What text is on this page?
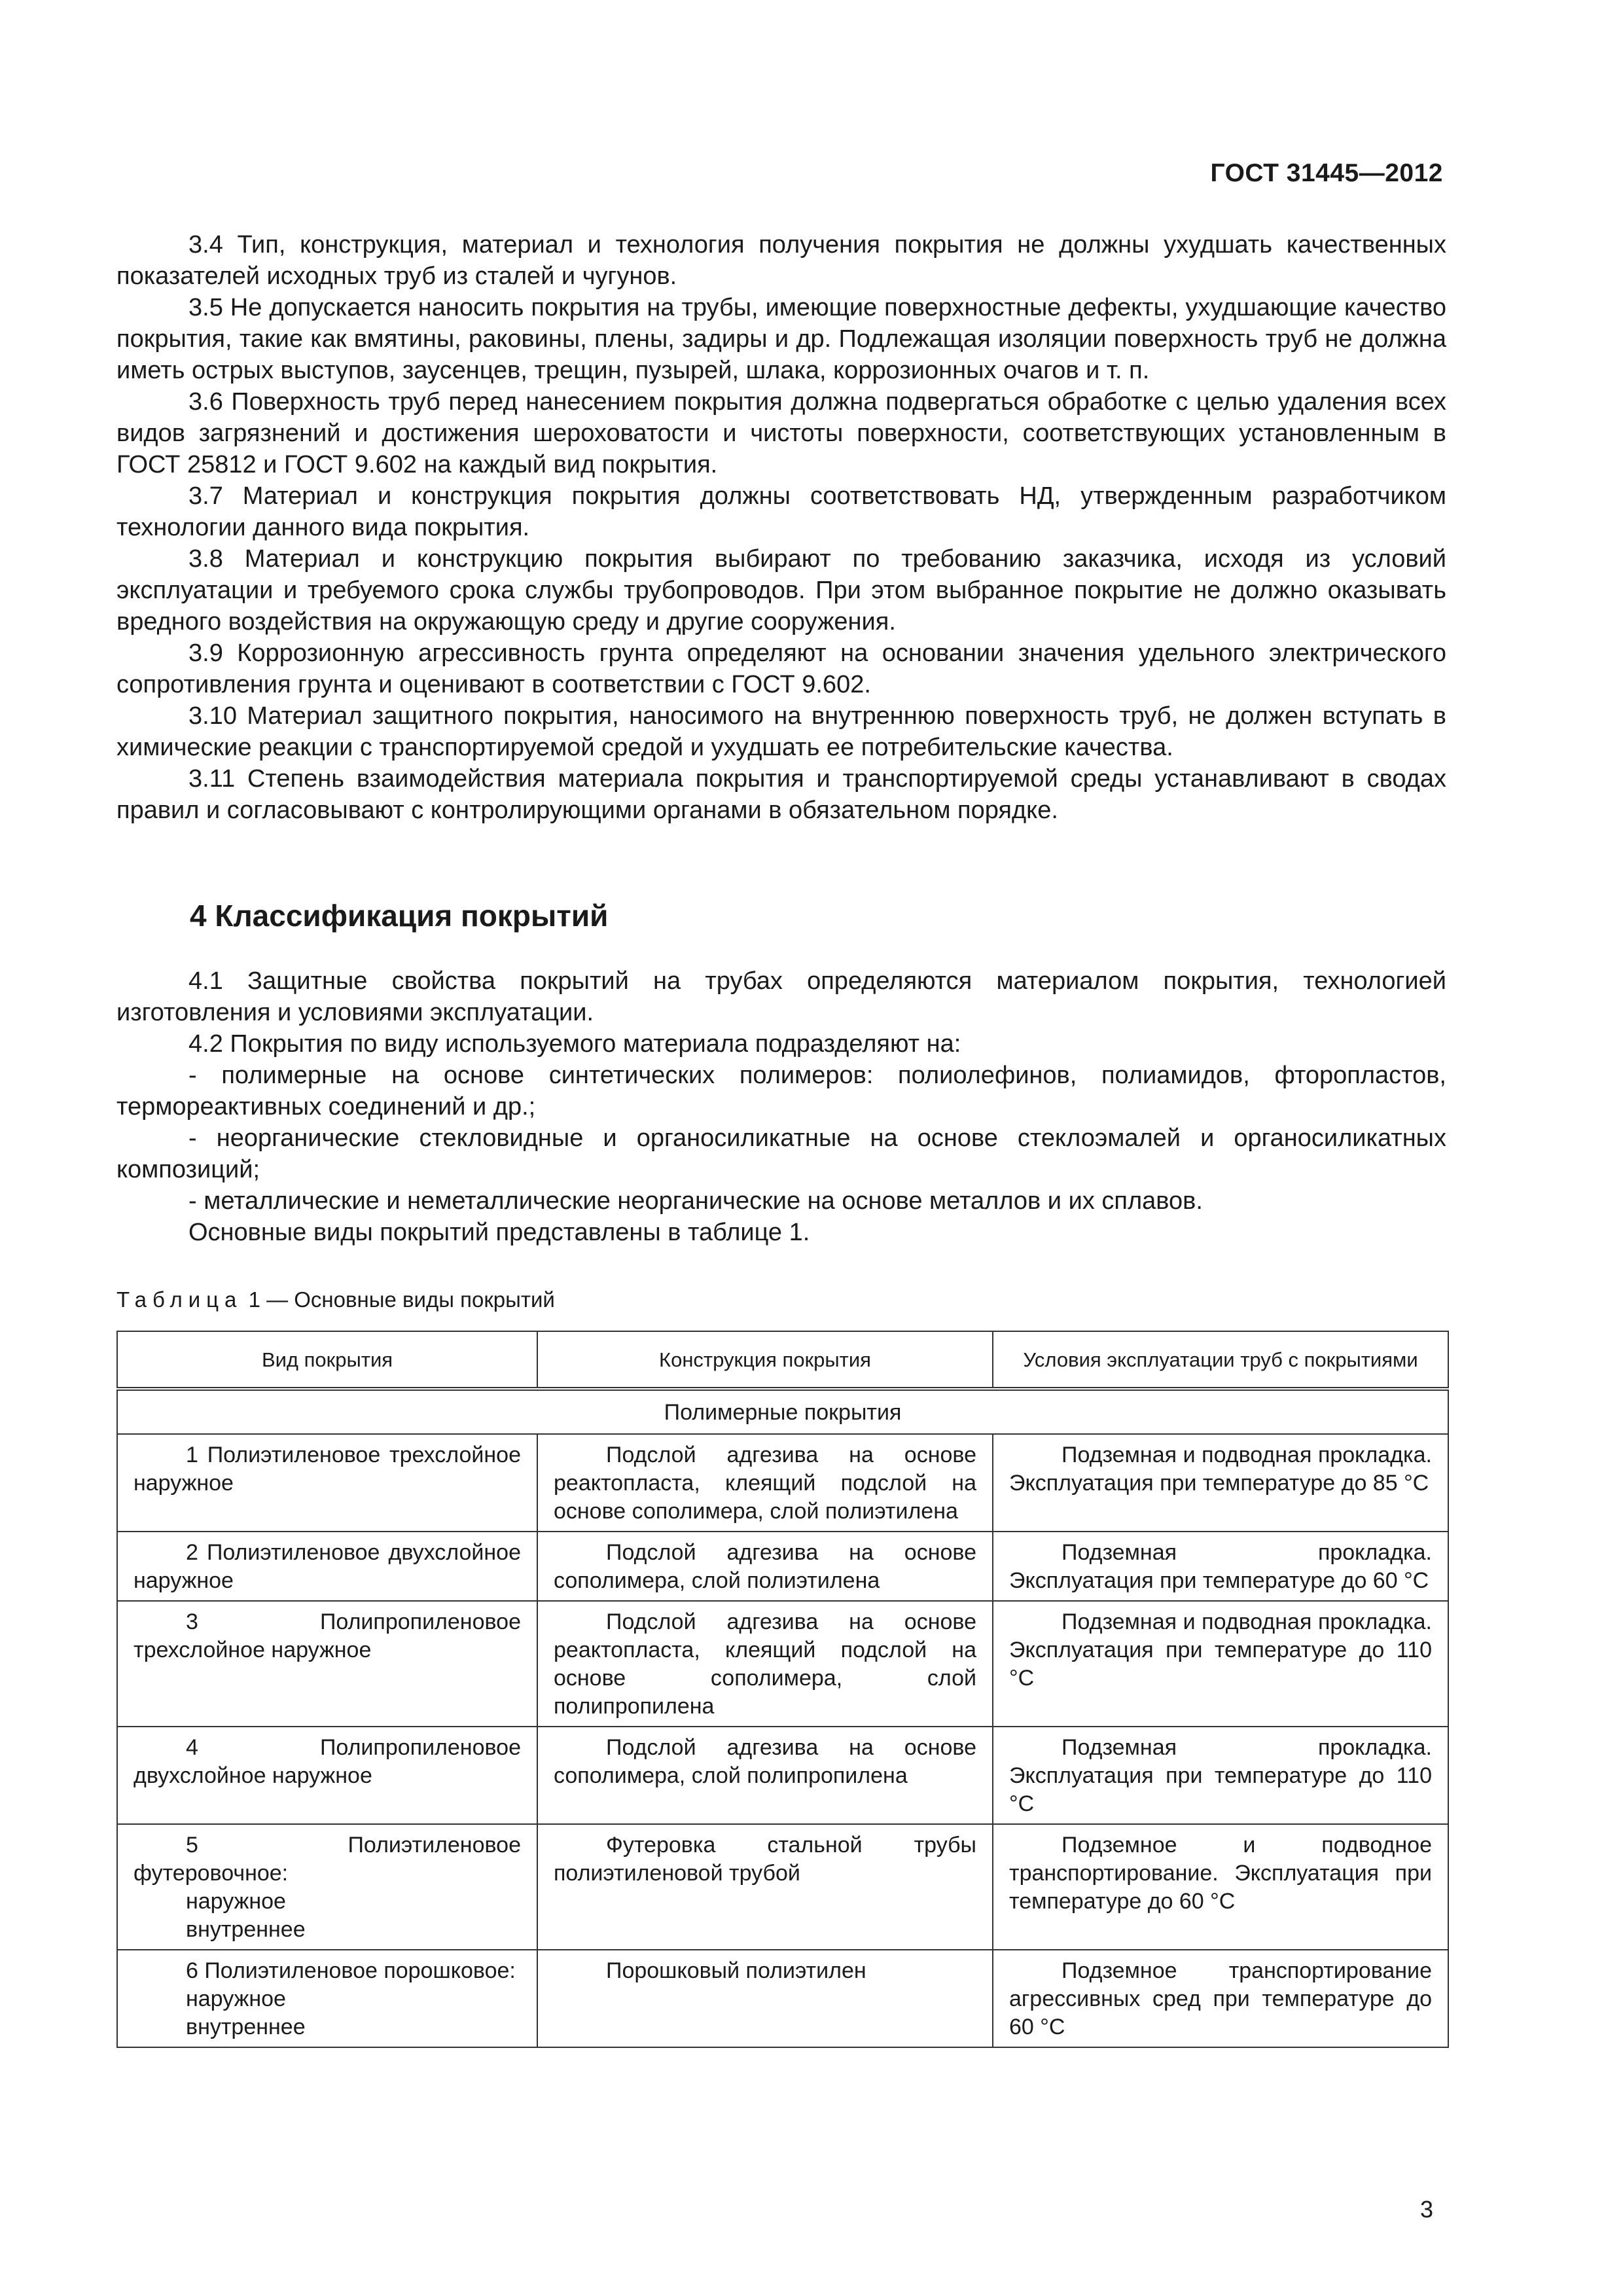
ГОСТ 31445—2012

3.4 Тип, конструкция, материал и технология получения покрытия не должны ухудшать качественных показателей исходных труб из сталей и чугунов.

3.5 Не допускается наносить покрытия на трубы, имеющие поверхностные дефекты, ухудшающие качество покрытия, такие как вмятины, раковины, плены, задиры и др. Подлежащая изоляции поверхность труб не должна иметь острых выступов, заусенцев, трещин, пузырей, шлака, коррозионных очагов и т. п.

3.6 Поверхность труб перед нанесением покрытия должна подвергаться обработке с целью удаления всех видов загрязнений и достижения шероховатости и чистоты поверхности, соответствующих установленным в ГОСТ 25812 и ГОСТ 9.602 на каждый вид покрытия.

3.7 Материал и конструкция покрытия должны соответствовать НД, утвержденным разработчиком технологии данного вида покрытия.

3.8 Материал и конструкцию покрытия выбирают по требованию заказчика, исходя из условий эксплуатации и требуемого срока службы трубопроводов. При этом выбранное покрытие не должно оказывать вредного воздействия на окружающую среду и другие сооружения.

3.9 Коррозионную агрессивность грунта определяют на основании значения удельного электрического сопротивления грунта и оценивают в соответствии с ГОСТ 9.602.

3.10 Материал защитного покрытия, наносимого на внутреннюю поверхность труб, не должен вступать в химические реакции с транспортируемой средой и ухудшать ее потребительские качества.

3.11 Степень взаимодействия материала покрытия и транспортируемой среды устанавливают в сводах правил и согласовывают с контролирующими органами в обязательном порядке.

4 Классификация покрытий

4.1 Защитные свойства покрытий на трубах определяются материалом покрытия, технологией изготовления и условиями эксплуатации.

4.2 Покрытия по виду используемого материала подразделяют на:

- полимерные на основе синтетических полимеров: полиолефинов, полиамидов, фторопластов, термореактивных соединений и др.;

- неорганические стекловидные и органосиликатные на основе стеклоэмалей и органосиликатных композиций;

- металлические и неметаллические неорганические на основе металлов и их сплавов.

Основные виды покрытий представлены в таблице 1.

Таблица 1 — Основные виды покрытий
Вид покрытия	Конструкция покрытия	Условия эксплуатации труб с покрытиями
Полимерные покрытия		

1 Полиэтиленовое трехслойное наружное	Подслой адгезива на основе реактопласта, клеящий подслой на основе сополимера, слой полиэтилена	Подземная и подводная прокладка. Эксплуатация при температуре до 85 °С

2 Полиэтиленовое двухслойное наружное	Подслой адгезива на основе сополимера, слой полиэтилена	Подземная прокладка. Эксплуатация при температуре до 60 °С

3 Полипропиленовое трехслойное наружное	Подслой адгезива на основе реактопласта, клеящий подслой на основе сополимера, слой полипропилена	Подземная и подводная прокладка. Эксплуатация при температуре до 110 °С

4 Полипропиленовое двухслойное наружное	Подслой адгезива на основе сополимера, слой полипропилена	Подземная прокладка. Эксплуатация при температуре до 110 °С

5 Полиэтиленовое футеровочное:
наружное
внутреннее	Футеровка стальной трубы полиэтиленовой трубой	Подземное и подводное транспортирование. Эксплуатация при температуре до 60 °С

6 Полиэтиленовое порошковое:
наружное
внутреннее	Порошковый полиэтилен	Подземное транспортирование агрессивных сред при температуре до 60 °С
3
